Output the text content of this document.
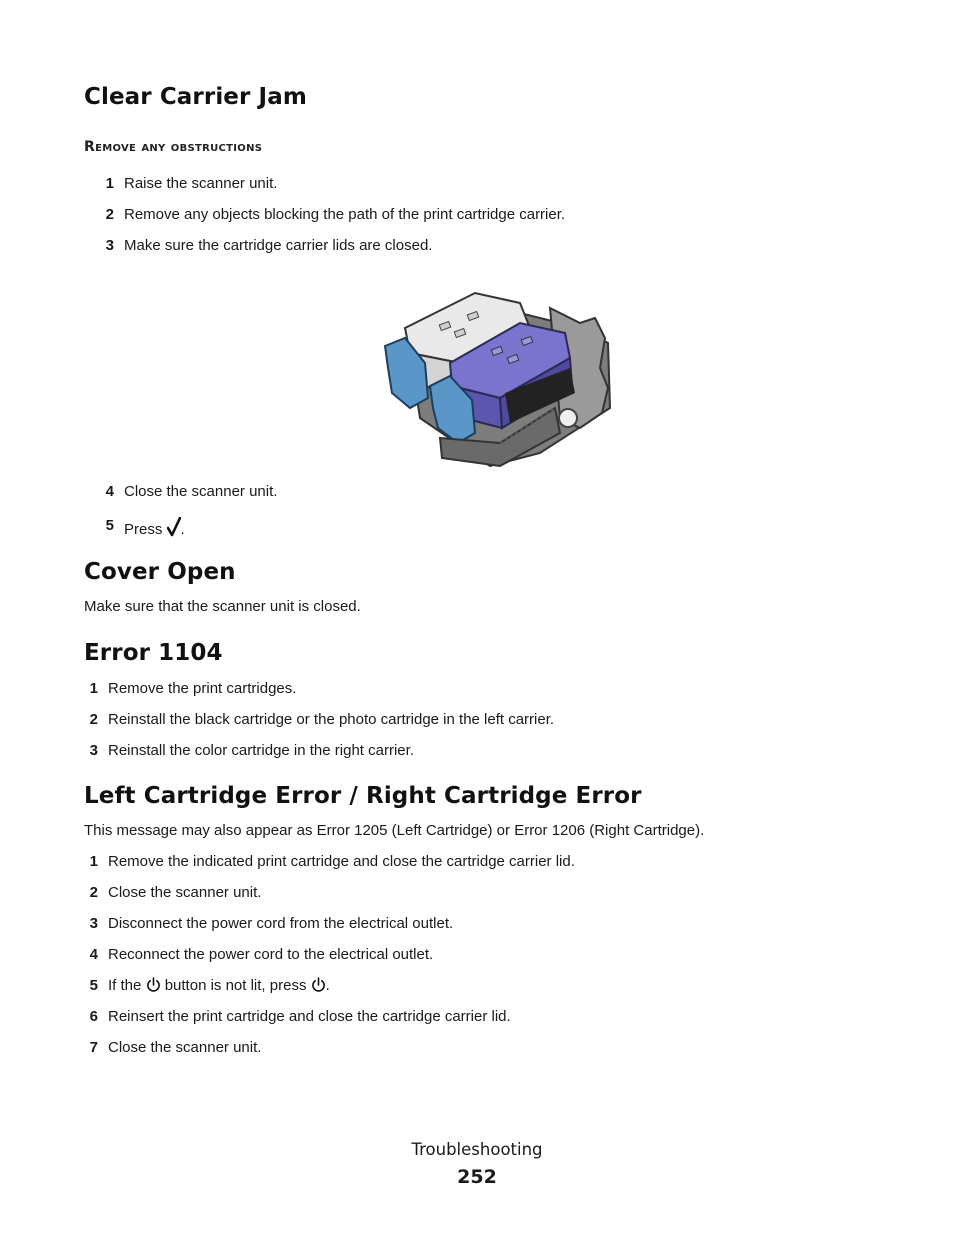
Clear Carrier Jam
Remove any obstructions
1 Raise the scanner unit.
2 Remove any objects blocking the path of the print cartridge carrier.
3 Make sure the cartridge carrier lids are closed.
4 Close the scanner unit.
5 Press .
Cover Open
Make sure that the scanner unit is closed.
Error 1104
1 Remove the print cartridges.
2 Reinstall the black cartridge or the photo cartridge in the left carrier.
3 Reinstall the color cartridge in the right carrier.
Left Cartridge Error / Right Cartridge Error
This message may also appear as Error 1205 (Left Cartridge) or Error 1206 (Right Cartridge).
1 Remove the indicated print cartridge and close the cartridge carrier lid.
2 Close the scanner unit.
3 Disconnect the power cord from the electrical outlet.
4 Reconnect the power cord to the electrical outlet.
5 If the button is not lit, press .
6 Reinsert the print cartridge and close the cartridge carrier lid.
7 Close the scanner unit.
Troubleshooting
252
